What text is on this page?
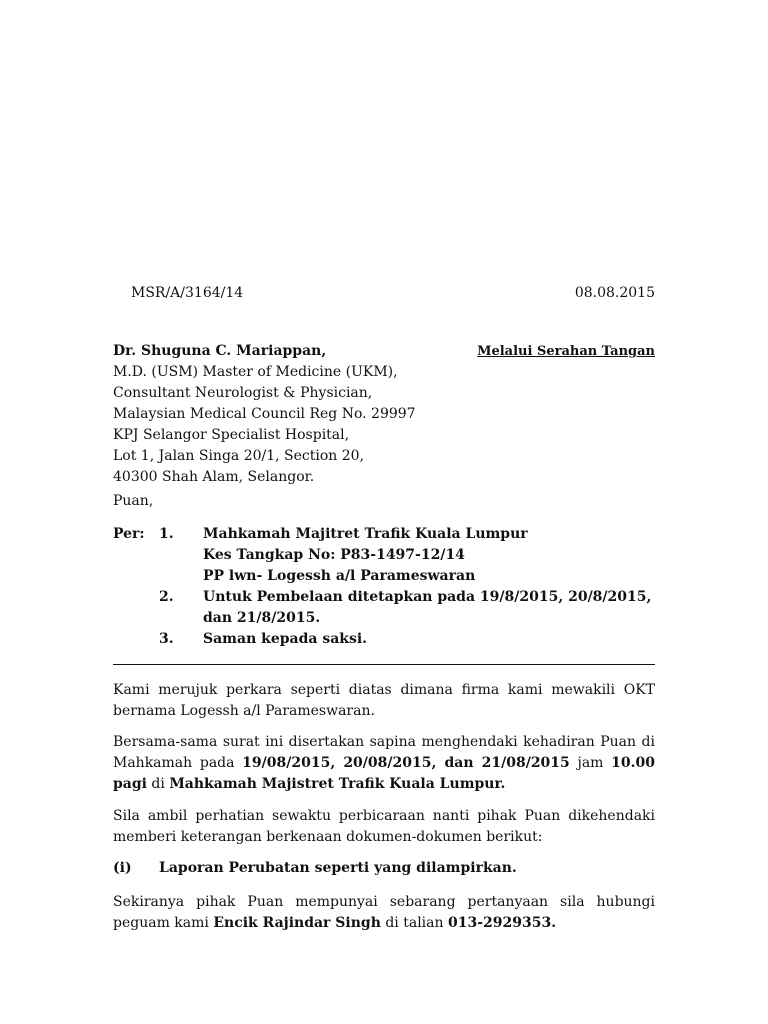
MSR/A/3164/14	08.08.2015
Dr. Shuguna C. Mariappan,
M.D. (USM) Master of Medicine (UKM),
Consultant Neurologist & Physician,
Malaysian Medical Council Reg No. 29997
KPJ Selangor Specialist Hospital,
Lot 1, Jalan Singa 20/1, Section 20,
40300 Shah Alam, Selangor.
Melalui Serahan Tangan
Puan,
Per: 1. Mahkamah Majitret Trafik Kuala Lumpur
Kes Tangkap No: P83-1497-12/14
PP lwn- Logessh a/l Parameswaran
2. Untuk Pembelaan ditetapkan pada 19/8/2015, 20/8/2015,
dan 21/8/2015.
3. Saman kepada saksi.
Kami merujuk perkara seperti diatas dimana firma kami mewakili OKT bernama Logessh a/l Parameswaran.
Bersama-sama surat ini disertakan sapina menghendaki kehadiran Puan di Mahkamah pada 19/08/2015, 20/08/2015, dan 21/08/2015 jam 10.00 pagi di Mahkamah Majistret Trafik Kuala Lumpur.
Sila ambil perhatian sewaktu perbicaraan nanti pihak Puan dikehendaki memberi keterangan berkenaan dokumen-dokumen berikut:
(i) Laporan Perubatan seperti yang dilampirkan.
Sekiranya pihak Puan mempunyai sebarang pertanyaan sila hubungi peguam kami Encik Rajindar Singh di talian 013-2929353.
